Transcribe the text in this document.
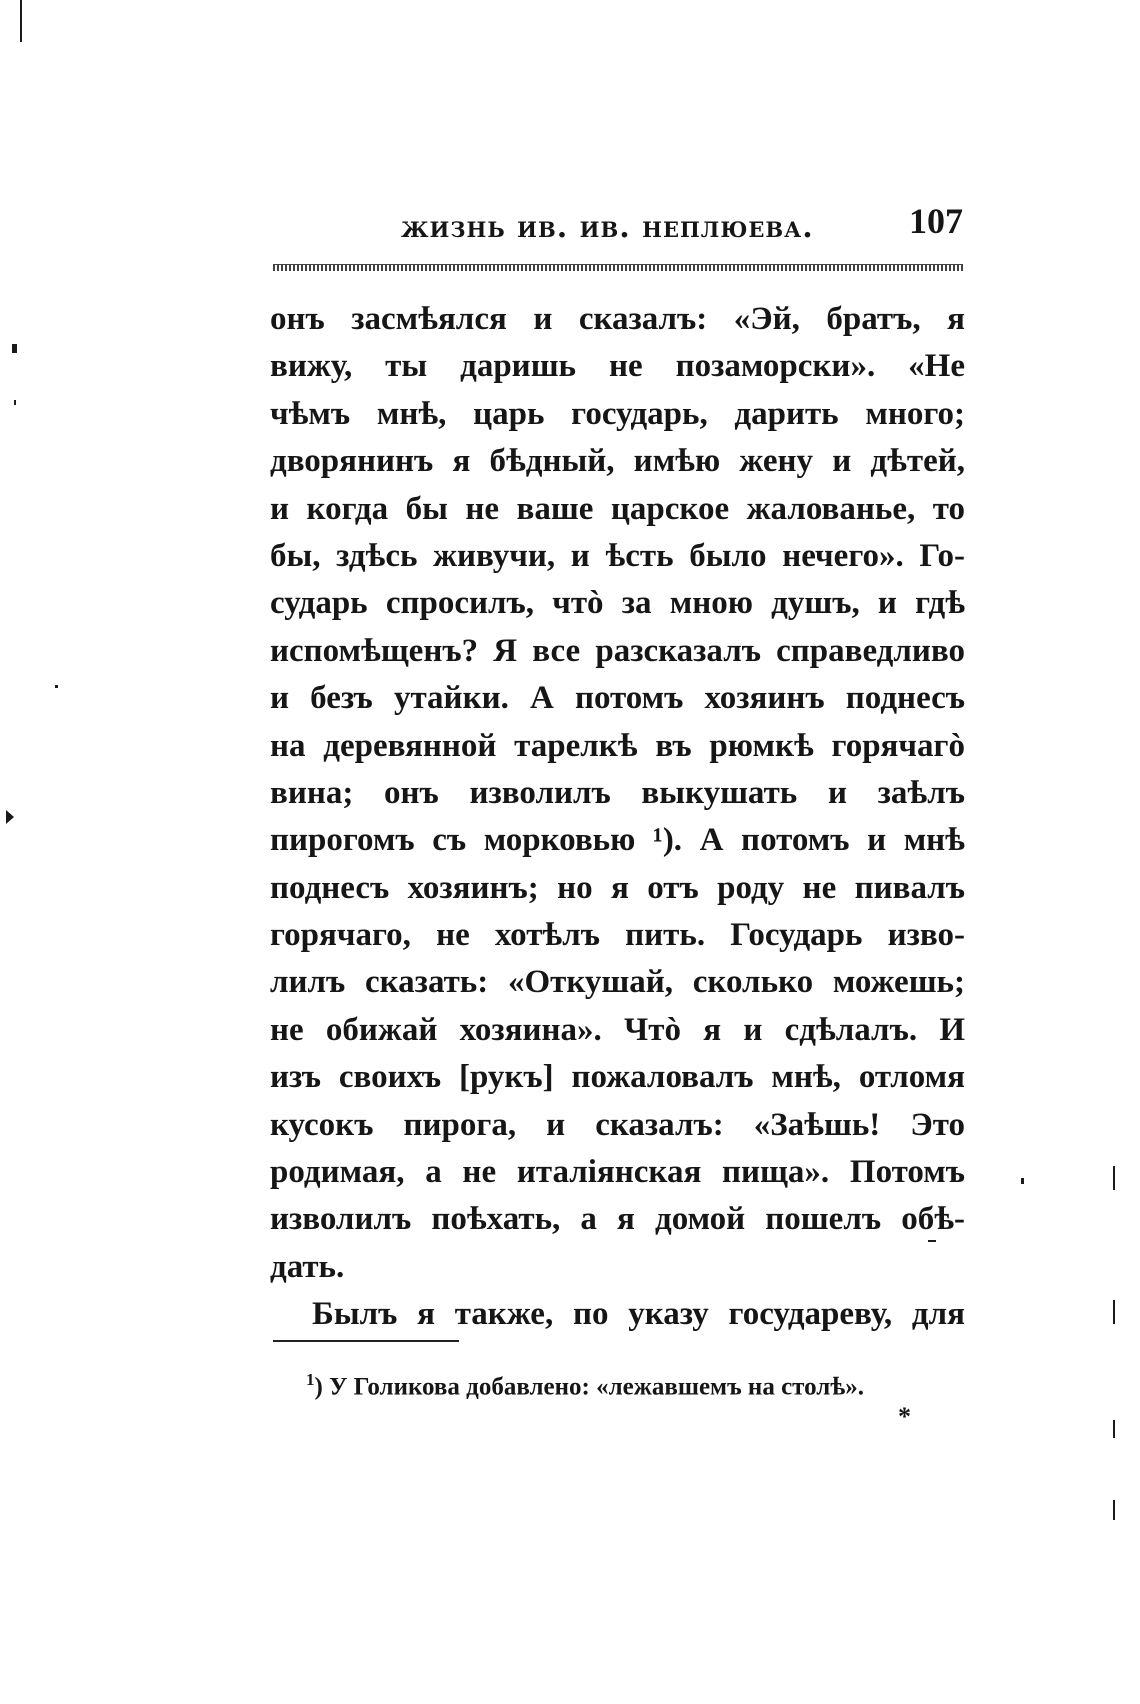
жизнь ив. ив. неплюева.	107
онъ засмѣялся и сказалъ: «Эй, братъ, я
вижу, ты даришь не позаморски». «Не
чѣмъ мнѣ, царь государь, дарить много;
дворянинъ я бѣдный, имѣю жену и дѣтей,
и когда бы не ваше царское жалованье, то
бы, здѣсь живучи, и ѣсть было нечего». Го-
сударь спросилъ, чтò за мною душъ, и гдѣ
испомѣщенъ? Я все разсказалъ справедливо
и безъ утайки. А потомъ хозяинъ поднесъ
на деревянной тарелкѣ въ рюмкѣ горячагò
вина; онъ изволилъ выкушать и заѣлъ
пирогомъ съ морковью ¹). А потомъ и мнѣ
поднесъ хозяинъ; но я отъ роду не пивалъ
горячаго, не хотѣлъ пить. Государь изво-
лилъ сказать: «Откушай, сколько можешь;
не обижай хозяина». Чтò я и сдѣлалъ. И
изъ своихъ [рукъ] пожаловалъ мнѣ, отломя
кусокъ пирога, и сказалъ: «Заѣшь! Это
родимая, а не италіянская пища». Потомъ
изволилъ поѣхать, а я домой пошелъ обѣ-
дать.
Былъ я также, по указу государеву, для
$^1$) У Голикова добавлено: «лежавшемъ на столѣ».
*
